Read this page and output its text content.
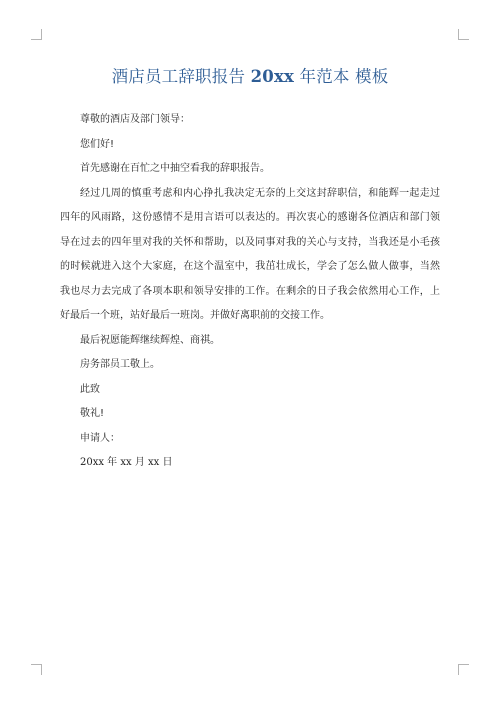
酒店员工辞职报告 20xx 年范本 模板
尊敬的酒店及部门领导：
您们好!
首先感谢在百忙之中抽空看我的辞职报告。
经过几周的慎重考虑和内心挣扎我决定无奈的上交这封辞职信，和能辉一起走过
四年的风雨路，这份感情不是用言语可以表达的。再次衷心的感谢各位酒店和部门领
导在过去的四年里对我的关怀和帮助，以及同事对我的关心与支持，当我还是小毛孩
的时候就进入这个大家庭，在这个温室中，我茁壮成长，学会了怎么做人做事，当然
我也尽力去完成了各项本职和领导安排的工作。在剩余的日子我会依然用心工作，上
好最后一个班，站好最后一班岗。并做好离职前的交接工作。
最后祝愿能辉继续辉煌、商祺。
房务部员工敬上。
此致
敬礼!
申请人：
20xx 年 xx 月 xx 日
